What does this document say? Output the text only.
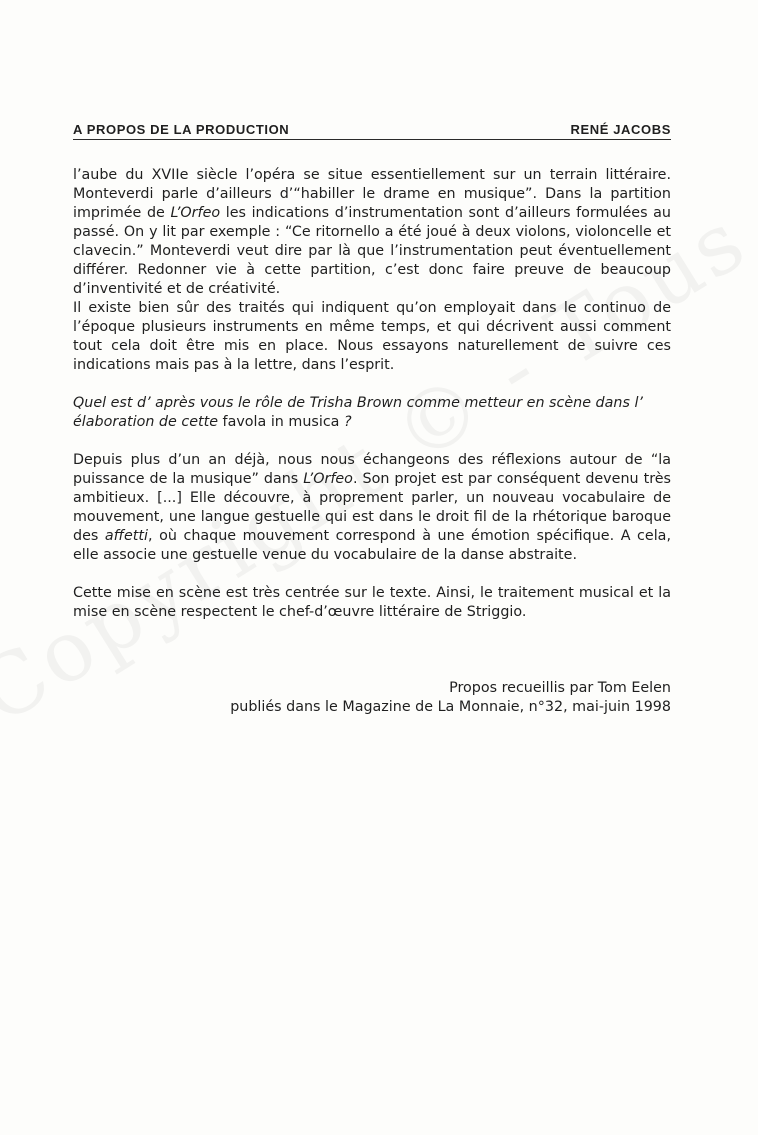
A PROPOS DE LA PRODUCTION	RENÉ JACOBS

l’aube du XVIIe siècle l’opéra se situe essentiellement sur un terrain littéraire. Monteverdi parle d’ailleurs d’“habiller le drame en musique”. Dans la partition imprimée de L’Orfeo les indications d’instrumentation sont d’ailleurs formulées au passé. On y lit par exemple : “Ce ritornello a été joué à deux violons, violoncelle et clavecin.” Monteverdi veut dire par là que l’instrumentation peut éventuellement différer. Redonner vie à cette partition, c’est donc faire preuve de beaucoup d’inventivité et de créativité.

Il existe bien sûr des traités qui indiquent qu’on employait dans le continuo de l’époque plusieurs instruments en même temps, et qui décrivent aussi comment tout cela doit être mis en place. Nous essayons naturellement de suivre ces indications mais pas à la lettre, dans l’esprit.

Quel est d’ après vous le rôle de Trisha Brown comme metteur en scène dans l’ élaboration de cette favola in musica ?

Depuis plus d’un an déjà, nous nous échangeons des réflexions autour de “la puissance de la musique” dans L’Orfeo. Son projet est par conséquent devenu très ambitieux. [...] Elle découvre, à proprement parler, un nouveau vocabulaire de mouvement, une langue gestuelle qui est dans le droit fil de la rhétorique baroque des affetti, où chaque mouvement correspond à une émotion spécifique. A cela, elle associe une gestuelle venue du vocabulaire de la danse abstraite.

Cette mise en scène est très centrée sur le texte. Ainsi, le traitement musical et la mise en scène respectent le chef-d’œuvre littéraire de Striggio.

Propos recueillis par Tom Eelen
publiés dans le Magazine de La Monnaie, n°32, mai-juin 1998
